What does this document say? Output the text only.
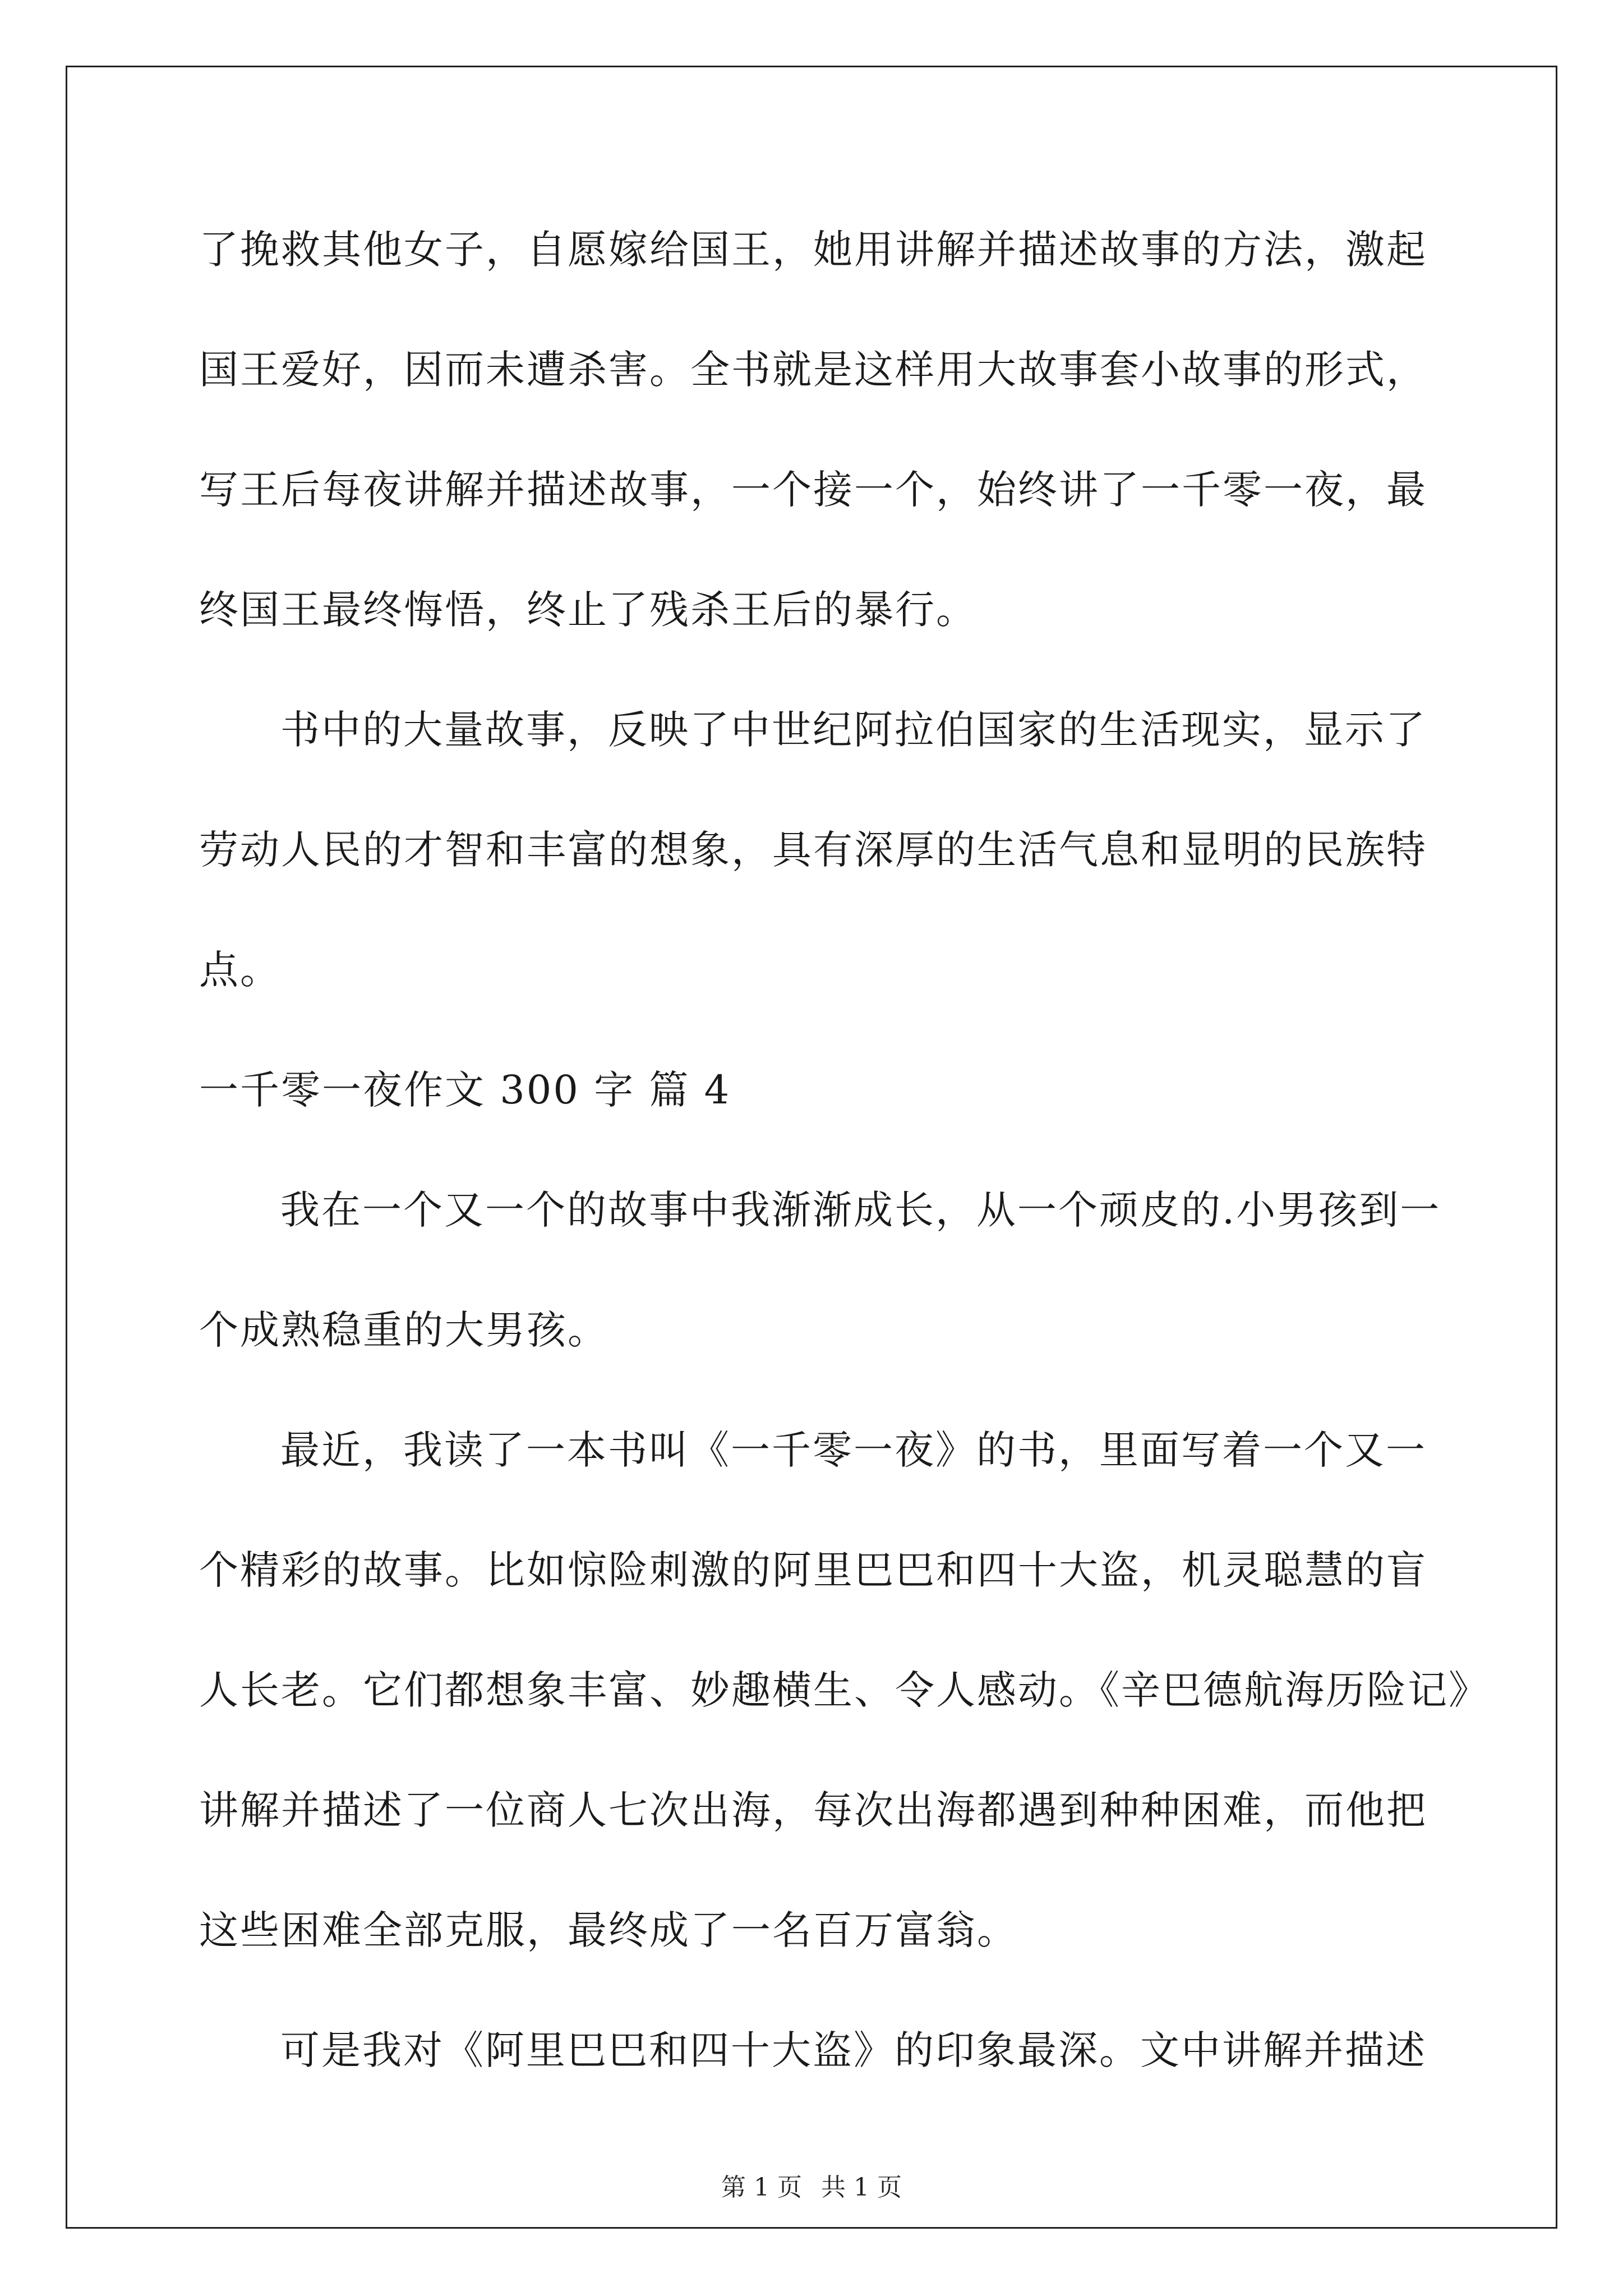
了挽救其他女子，自愿嫁给国王，她用讲解并描述故事的方法，激起
国王爱好，因而未遭杀害。全书就是这样用大故事套小故事的形式，
写王后每夜讲解并描述故事，一个接一个，始终讲了一千零一夜，最
终国王最终悔悟，终止了残杀王后的暴行。
书中的大量故事，反映了中世纪阿拉伯国家的生活现实，显示了
劳动人民的才智和丰富的想象，具有深厚的生活气息和显明的民族特
点。
一千零一夜作文 300 字 篇 4
我在一个又一个的故事中我渐渐成长，从一个顽皮的.小男孩到一
个成熟稳重的大男孩。
最近，我读了一本书叫《一千零一夜》的书，里面写着一个又一
个精彩的故事。比如惊险刺激的阿里巴巴和四十大盗，机灵聪慧的盲
人长老。它们都想象丰富、妙趣横生、令人感动。《辛巴德航海历险记》
讲解并描述了一位商人七次出海，每次出海都遇到种种困难，而他把
这些困难全部克服，最终成了一名百万富翁。
可是我对《阿里巴巴和四十大盗》的印象最深。文中讲解并描述
第 1 页 共 1 页
